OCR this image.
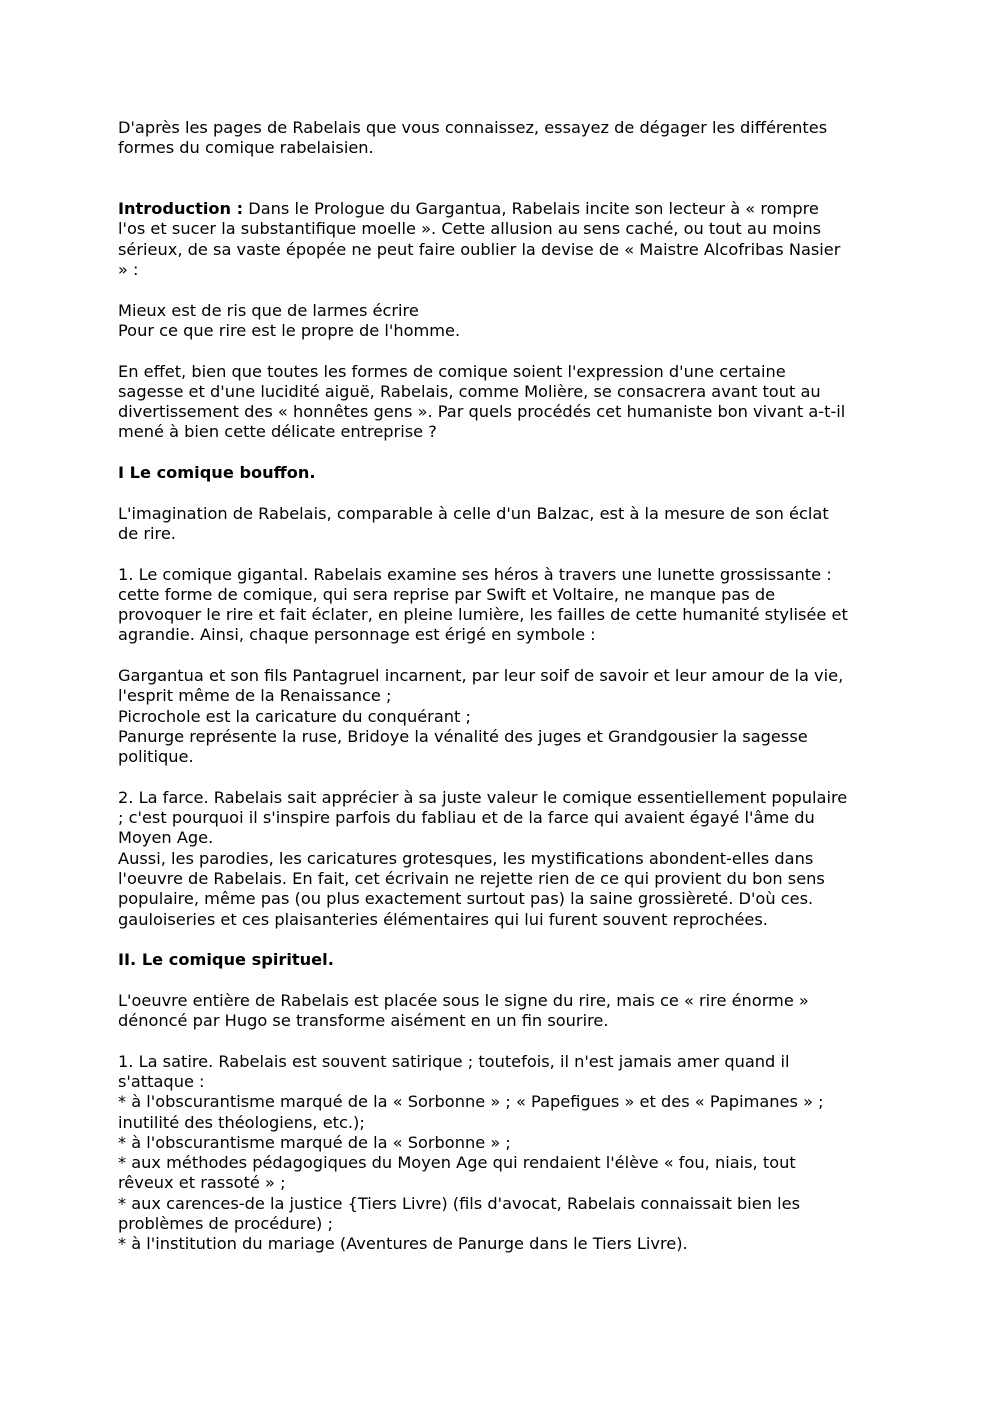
D'après les pages de Rabelais que vous connaissez, essayez de dégager les différentes
formes du comique rabelaisien.

Introduction : Dans le Prologue du Gargantua, Rabelais incite son lecteur à « rompre
l'os et sucer la substantifique moelle ». Cette allusion au sens caché, ou tout au moins
sérieux, de sa vaste épopée ne peut faire oublier la devise de « Maistre Alcofribas Nasier
» :

Mieux est de ris que de larmes écrire
Pour ce que rire est le propre de l'homme.

En effet, bien que toutes les formes de comique soient l'expression d'une certaine
sagesse et d'une lucidité aiguë, Rabelais, comme Molière, se consacrera avant tout au
divertissement des « honnêtes gens ». Par quels procédés cet humaniste bon vivant a-t-il
mené à bien cette délicate entreprise ?

I Le comique bouffon.

L'imagination de Rabelais, comparable à celle d'un Balzac, est à la mesure de son éclat
de rire.

1. Le comique gigantal. Rabelais examine ses héros à travers une lunette grossissante :
cette forme de comique, qui sera reprise par Swift et Voltaire, ne manque pas de
provoquer le rire et fait éclater, en pleine lumière, les failles de cette humanité stylisée et
agrandie. Ainsi, chaque personnage est érigé en symbole :

Gargantua et son fils Pantagruel incarnent, par leur soif de savoir et leur amour de la vie,
l'esprit même de la Renaissance ;
Picrochole est la caricature du conquérant ;
Panurge représente la ruse, Bridoye la vénalité des juges et Grandgousier la sagesse
politique.

2. La farce. Rabelais sait apprécier à sa juste valeur le comique essentiellement populaire
; c'est pourquoi il s'inspire parfois du fabliau et de la farce qui avaient égayé l'âme du
Moyen Age.
Aussi, les parodies, les caricatures grotesques, les mystifications abondent-elles dans
l'oeuvre de Rabelais. En fait, cet écrivain ne rejette rien de ce qui provient du bon sens
populaire, même pas (ou plus exactement surtout pas) la saine grossièreté. D'où ces.
gauloiseries et ces plaisanteries élémentaires qui lui furent souvent reprochées.

II. Le comique spirituel.

L'oeuvre entière de Rabelais est placée sous le signe du rire, mais ce « rire énorme »
dénoncé par Hugo se transforme aisément en un fin sourire.

1. La satire. Rabelais est souvent satirique ; toutefois, il n'est jamais amer quand il
s'attaque :
* à l'obscurantisme marqué de la « Sorbonne » ; « Papefigues » et des « Papimanes » ;
inutilité des théologiens, etc.);
* à l'obscurantisme marqué de la « Sorbonne » ;
* aux méthodes pédagogiques du Moyen Age qui rendaient l'élève « fou, niais, tout
rêveux et rassoté » ;
* aux carences-de la justice {Tiers Livre) (fils d'avocat, Rabelais connaissait bien les
problèmes de procédure) ;
* à l'institution du mariage (Aventures de Panurge dans le Tiers Livre).
